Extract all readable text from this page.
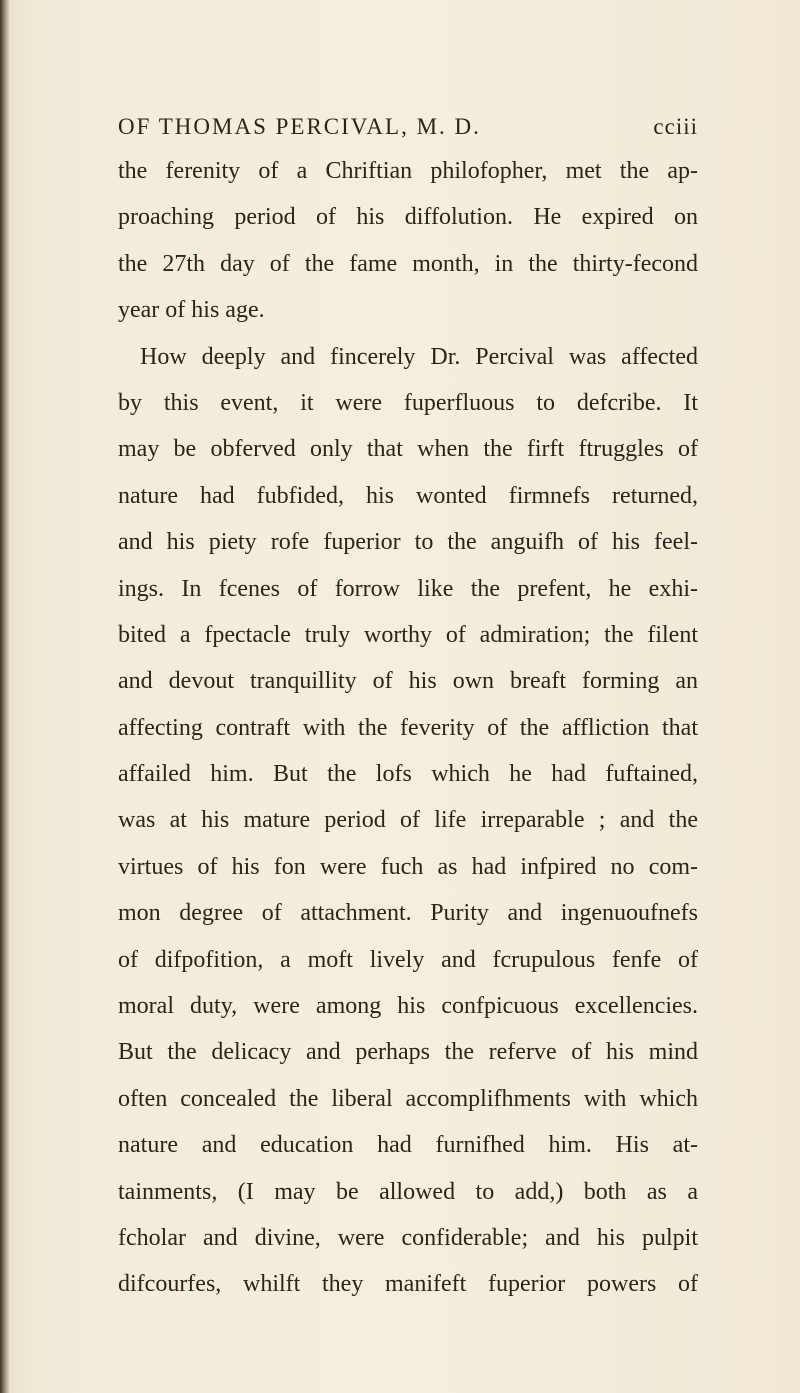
OF THOMAS PERCIVAL, M. D.	cciii
the ferenity of a Chriftian philofopher, met the ap-
proaching period of his diffolution. He expired on
the 27th day of the fame month, in the thirty-fecond
year of his age.
How deeply and fincerely Dr. Percival was affected
by this event, it were fuperfluous to defcribe. It
may be obferved only that when the firft ftruggles of
nature had fubfided, his wonted firmnefs returned,
and his piety rofe fuperior to the anguifh of his feel-
ings. In fcenes of forrow like the prefent, he exhi-
bited a fpectacle truly worthy of admiration; the filent
and devout tranquillity of his own breaft forming an
affecting contraft with the feverity of the affliction that
affailed him. But the lofs which he had fuftained,
was at his mature period of life irreparable ; and the
virtues of his fon were fuch as had infpired no com-
mon degree of attachment. Purity and ingenuoufnefs
of difpofition, a moft lively and fcrupulous fenfe of
moral duty, were among his confpicuous excellencies.
But the delicacy and perhaps the referve of his mind
often concealed the liberal accomplifhments with which
nature and education had furnifhed him. His at-
tainments, (I may be allowed to add,) both as a
fcholar and divine, were confiderable; and his pulpit
difcourfes, whilft they manifeft fuperior powers of
